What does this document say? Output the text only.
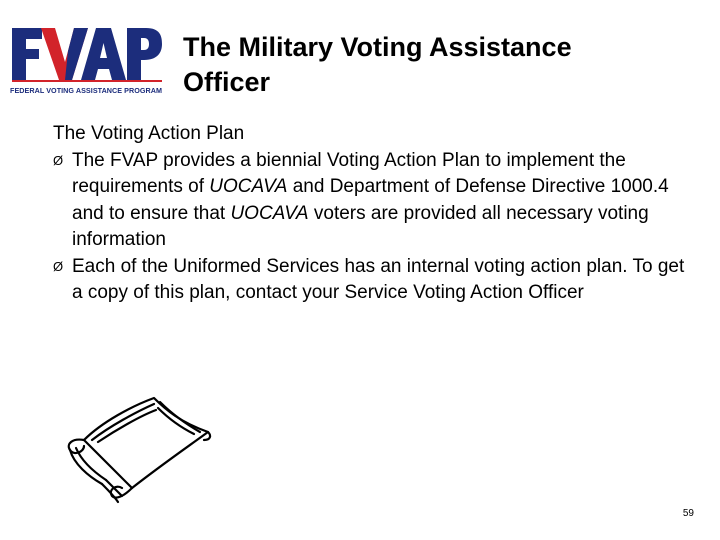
FEDERAL VOTING ASSISTANCE PROGRAM
The Military Voting Assistance
Officer
The Voting Action Plan
Ø The FVAP provides a biennial Voting Action Plan to implement the requirements of UOCAVA and Department of Defense Directive 1000.4 and to ensure that UOCAVA voters are provided all necessary voting information
Ø Each of the Uniformed Services has an internal voting action plan. To get a copy of this plan, contact your Service Voting Action Officer
59
